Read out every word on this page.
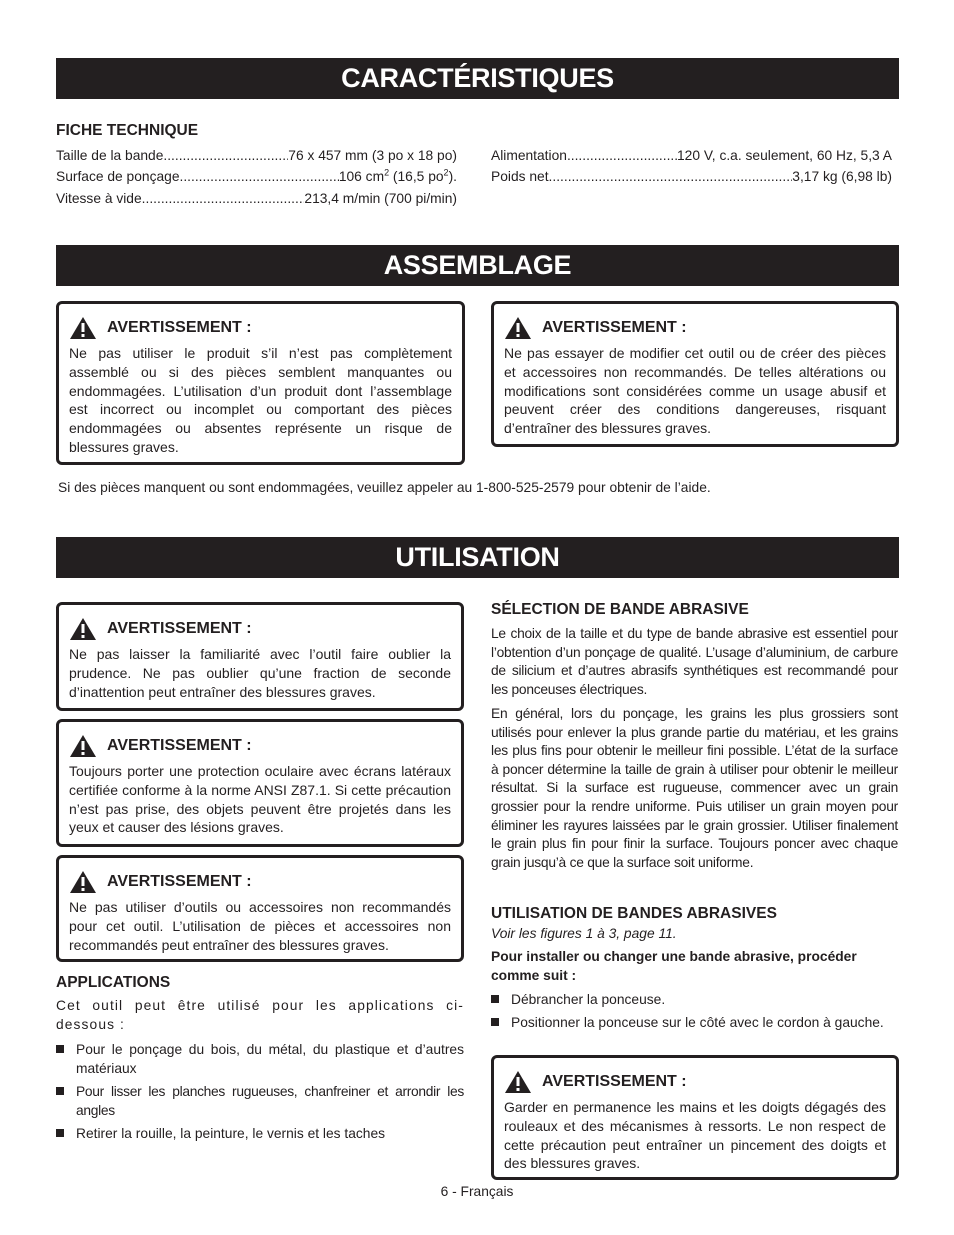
CARACTÉRISTIQUES
ASSEMBLAGE
UTILISATION
FICHE TECHNIQUE
Taille de la bande .....	76 x 457 mm (3 po x 18 po)
Surface de ponçage .....	106 $cm^2$ (16,5 $po^2$).
Vitesse à vide .....	213,4 m/min (700 pi/min)
Alimentation .....	120 V, c.a. seulement, 60 Hz, 5,3 A
Poids net .....	3,17 kg (6,98 lb)
AVERTISSEMENT :
Ne pas utiliser le produit s’il n’est pas complètement assemblé ou si des pièces semblent manquantes ou endommagées. L’utilisation d’un produit dont l’assemblage est incorrect ou incomplet ou comportant des pièces endommagées ou absentes représente un risque de blessures graves.
AVERTISSEMENT :
Ne pas essayer de modifier cet outil ou de créer des pièces et accessoires non recommandés. De telles altérations ou modifications sont considérées comme un usage abusif et peuvent créer des conditions dangereuses, risquant d’entraîner des blessures graves.
Si des pièces manquent ou sont endommagées, veuillez appeler au 1-800-525-2579 pour obtenir de l’aide.
AVERTISSEMENT :
Ne pas laisser la familiarité avec l’outil faire oublier la prudence. Ne pas oublier qu’une fraction de seconde d’inattention peut entraîner des blessures graves.
AVERTISSEMENT :
Toujours porter une protection oculaire avec écrans latéraux certifiée conforme à la norme ANSI Z87.1. Si cette précaution n’est pas prise, des objets peuvent être projetés dans les yeux et causer des lésions graves.
AVERTISSEMENT :
Ne pas utiliser d’outils ou accessoires non recommandés pour cet outil. L’utilisation de pièces et accessoires non recommandés peut entraîner des blessures graves.
APPLICATIONS
Cet outil peut être utilisé pour les applications ci-dessous :
Pour le ponçage du bois, du métal, du plastique et d’autres matériaux
Pour lisser les planches rugueuses, chanfreiner et arrondir les angles
Retirer la rouille, la peinture, le vernis et les taches
SÉLECTION DE BANDE ABRASIVE
Le choix de la taille et du type de bande abrasive est essentiel pour l’obtention d’un ponçage de qualité. L’usage d’aluminium, de carbure de silicium et d’autres abrasifs synthétiques est recommandé pour les ponceuses électriques.
En général, lors du ponçage, les grains les plus grossiers sont utilisés pour enlever la plus grande partie du matériau, et les grains les plus fins pour obtenir le meilleur fini possible. L’état de la surface à poncer détermine la taille de grain à utiliser pour obtenir le meilleur résultat. Si la surface est rugueuse, commencer avec un grain grossier pour la rendre uniforme. Puis utiliser un grain moyen pour éliminer les rayures laissées par le grain grossier. Utiliser finalement le grain plus fin pour finir la surface. Toujours poncer avec chaque grain jusqu’à ce que la surface soit uniforme.
UTILISATION DE BANDES ABRASIVES
Voir les figures 1 à 3, page 11.
Pour installer ou changer une bande abrasive, procéder comme suit :
Débrancher la ponceuse.
Positionner la ponceuse sur le côté avec le cordon à gauche.
AVERTISSEMENT :
Garder en permanence les mains et les doigts dégagés des rouleaux et des mécanismes à ressorts. Le non respect de cette précaution peut entraîner un pincement des doigts et des blessures graves.
6 - Français
